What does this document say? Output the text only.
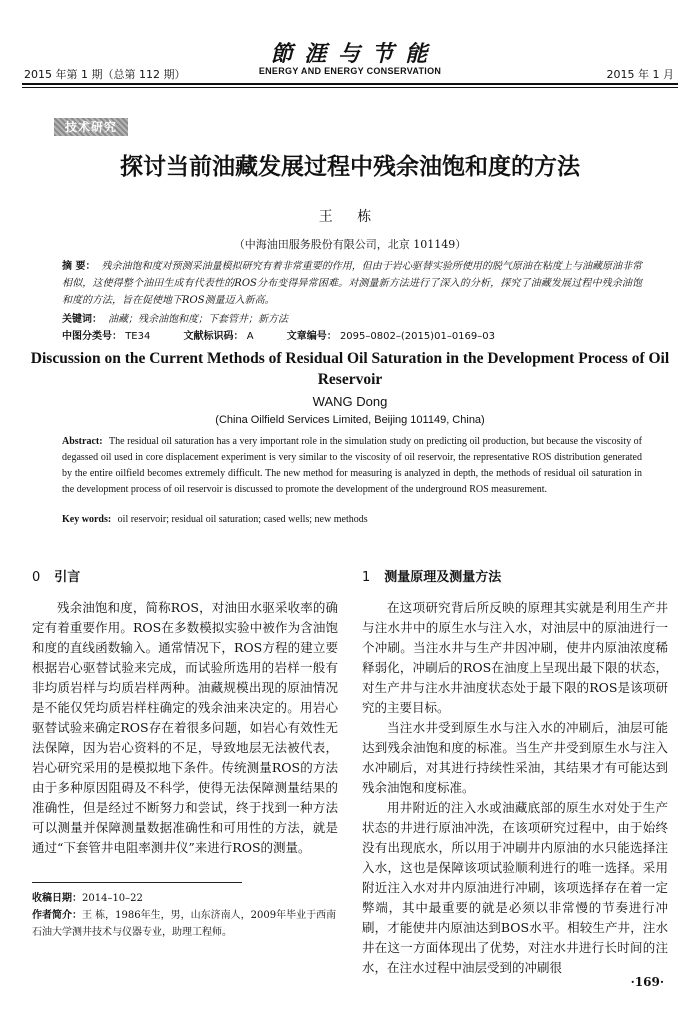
2015 年第 1 期（总第 112 期）
節 涯 与 节 能
ENERGY AND ENERGY CONSERVATION	2015 年 1 月
技术研究
探讨当前油藏发展过程中残余油饱和度的方法
王 栋
（中海油田服务股份有限公司，北京 101149）
摘 要： 残余油饱和度对预测采油量模拟研究有着非常重要的作用，但由于岩心驱替实验所使用的脱气原油在粘度上与油藏原油非常相似，这使得整个油田生成有代表性的ROS分布变得异常困难。对测量新方法进行了深入的分析，探究了油藏发展过程中残余油饱和度的方法，旨在促使地下ROS测量迈入新高。
关键词： 油藏；残余油饱和度；下套管井；新方法
中图分类号： TE34	文献标识码： A	文章编号： 2095–0802–(2015)01–0169–03
Discussion on the Current Methods of Residual Oil Saturation in the Development Process of Oil Reservoir
WANG Dong
(China Oilfield Services Limited, Beijing 101149, China)
Abstract: The residual oil saturation has a very important role in the simulation study on predicting oil production, but because the viscosity of degassed oil used in core displacement experiment is very similar to the viscosity of oil reservoir, the representative ROS distribution generated by the entire oilfield becomes extremely difficult. The new method for measuring is analyzed in depth, the methods of residual oil saturation in the development process of oil reservoir is discussed to promote the development of the underground ROS measurement.
Key words: oil reservoir; residual oil saturation; cased wells; new methods
0 引言

残余油饱和度，简称ROS，对油田水驱采收率的确定有着重要作用。ROS在多数模拟实验中被作为含油饱和度的直线函数输入。通常情况下，ROS方程的建立要根据岩心驱替试验来完成，而试验所选用的岩样一般有非均质岩样与均质岩样两种。油藏规模出现的原油情况是不能仅凭均质岩样柱确定的残余油来决定的。用岩心驱替试验来确定ROS存在着很多问题，如岩心有效性无法保障，因为岩心资料的不足，导致地层无法被代表，岩心研究采用的是模拟地下条件。传统测量ROS的方法由于多种原因阻碍及不科学，使得无法保障测量结果的准确性，但是经过不断努力和尝试，终于找到一种方法可以测量并保障测量数据准确性和可用性的方法，就是通过“下套管井电阻率测井仪”来进行ROS的测量。

1 测量原理及测量方法

在这项研究背后所反映的原理其实就是利用生产井与注水井中的原生水与注入水，对油层中的原油进行一个冲刷。当注水井与生产井因冲刷，使井内原油浓度稀释弱化，冲刷后的ROS在油度上呈现出最下限的状态，对生产井与注水井油度状态处于最下限的ROS是该项研究的主要目标。

当注水井受到原生水与注入水的冲刷后，油层可能达到残余油饱和度的标准。当生产井受到原生水与注入水冲刷后，对其进行持续性采油，其结果才有可能达到残余油饱和度标准。

用井附近的注入水或油藏底部的原生水对处于生产状态的井进行原油冲洗，在该项研究过程中，由于始终没有出现底水，所以用于冲刷井内原油的水只能选择注入水，这也是保障该项试验顺利进行的唯一选择。采用附近注入水对井内原油进行冲刷，该项选择存在着一定弊端，其中最重要的就是必须以非常慢的节奏进行冲刷，才能使井内原油达到BOS水平。相较生产井，注水井在这一方面体现出了优势，对注水井进行长时间的注水，在注水过程中油层受到的冲刷很

收稿日期：2014–10–22
作者简介：王 栋，1986年生，男，山东济南人，2009年毕业于西南石油大学测井技术与仪器专业，助理工程师。
·169·
